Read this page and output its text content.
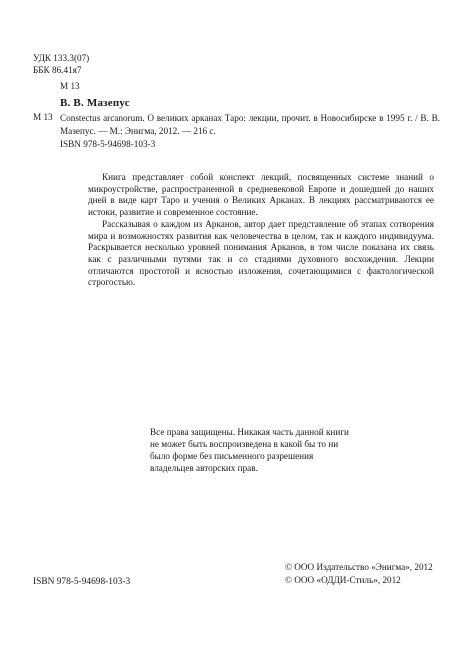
УДК 133.3(07)
ББК 86.41я7
М 13
В. В. Мазепус
М 13 Constectus arcanorum. О великих арканах Таро: лекции, прочит. в Новосибирске в 1995 г. / В. В. Мазепус. — М.: Энигма, 2012. — 216 с.
ISBN 978-5-94698-103-3

Книга представляет собой конспект лекций, посвященных системе знаний о микроустройстве, распространенной в средневековой Европе и дошедшей до наших дней в виде карт Таро и учения о Великих Арканах. В лекциях рассматриваются ее истоки, развитие и современное состояние.

Рассказывая о каждом из Арканов, автор дает представление об этапах сотворения мира и возможностях развития как человечества в целом, так и каждого индивидуума. Раскрывается несколько уровней понимания Арканов, в том числе показана их связь как с различными путями так и со стадиями духовного восхождения. Лекции отличаются простотой и ясностью изложения, сочетающимися с фактологической строгостью.

Все права защищены. Никакая часть данной книги не может быть воспроизведена в какой бы то ни было форме без письменного разрешения владельцев авторских прав.
ISBN 978-5-94698-103-3
© ООО Издательство «Энигма», 2012
© ООО «ОДДИ-Стиль», 2012
